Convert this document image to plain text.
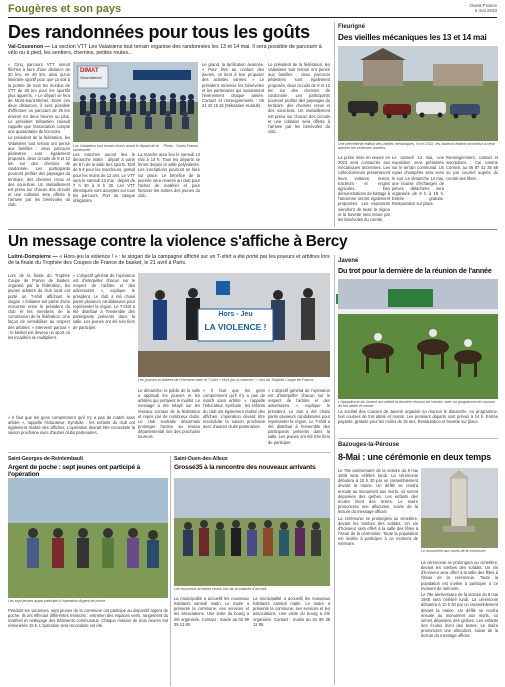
Fougères et son pays	Ouest-France
6 mai 2023
Des randonnées pour tous les goûts
Val-Couesnon — La section VTT Les Valaisiens tout terrain organise des randonnées les 13 et 14 mai. Il sera possible de parcourir à vélo ou à pied, les sentiers, chemins, petites routes...

« Cinq parcours VTT seront fléchés à faire d'une distance de 20 km, en 45 km, ainsi qu'un itinéraire sportif pour que ça soit à la portée de tous les mordus de VTT de 60 km pour les sportifs plus aguerris. » Le départ se fera de Mont-Saint-Michel. Entre ces deux distances, il sera possible d'effectuer un parcours de 35 km environ en deux heures ou plus. Le président Sébastien Hurault rappelle que l'association compte une quarantaine de licenciés.

Le président de la fédération, les Valaisiens tout terrain ont pensé aux familles : deux parcours pédestres sont également proposés, deux circuits de 8 et 12 km sur des chemins de randonnée. Les participants pourront profiter des paysages du territoire, des chemins creux et des sous-bois. Un ravitaillement est prévu sur chacun des circuits et une collation sera offerte à l'arrivée par les bénévoles du club.

DIMAT
Gesmateriel
Les Valaisiens tout terrain réunis avant le départ de la randonnée.
Photo : Ouest-France

Les marches auront lieu le dimanche matin : départ à partir de 8 h de la salle des sports. Tarif de 5 € pour les marcheurs, gratuit pour les moins de 12 ans. Le VTT sera le samedi 13 mai : départ de 7 h 30 à 9 h 30. Les VTT électriques sont acceptés sur tous les parcours. Port du casque obligatoire.

La marche aura lieu le samedi 13 mai à 14 h. Tous les départs se feront depuis la salle polyvalente. Les inscriptions pourront se faire sur place. Le bénéfice de la journée sera reversé au club pour l'achat de matériel et pour financer les sorties des jeunes du club.

Le grand, la tarification avancée. « Pour être au contact des jeunes, on tient à leur proposer des activités variées. » Le président remercie les bénévoles et les partenaires qui soutiennent l'événement chaque année. Contact et renseignements : 06 21 42 15 15 (Sébastien Hurault).

Le président de la fédération, les Valaisiens tout terrain ont pensé aux familles : deux parcours pédestres sont également proposés, deux circuits de 8 et 12 km sur des chemins de randonnée. Les participants pourront profiter des paysages du territoire, des chemins creux et des sous-bois. Un ravitaillement est prévu sur chacun des circuits et une collation sera offerte à l'arrivée par les bénévoles du club.

Fleurigné
Des vieilles mécaniques les 13 et 14 mai
Une précédente édition des vieilles mécaniques, ici en 2022, les visiteurs étaient nombreux à venir admirer les véhicules anciens.

La prime mise en œuvre en 2023 sera consacrée aux mécaniques anciennes. Les collectionneurs présenteront leurs voitures, motos, tracteurs et engins agricoles. Des démonstrations de battage à l'ancienne seront également proposées. Les exposants viendront de toute la région et la buvette sera tenue par les bénévoles du comité.

Le samedi 13 mai, une exposition sera présentée sur le terrain communal. Un repas champêtre sera servi le soir. Le dimanche 14 mai, une bourse d'échanges de pièces détachées sera organisée de 8 h à 18 h. Entrée gratuite. Restauration sur place.

Renseignement, contact et inscriptions : Cai comme Conseil, au 06 87 42 35 69 ou par courriel auprès du comité des fêtes.

Un message contre la violence s'affiche à Bercy
Luitré-Dompierre — « Hors-jeu la violence ! » : le slogan de la campagne affiché sur un T-shirt a été porté par les joueurs et arbitres lors de la finale du Trophée des Coupes de France de basket, le 21 avril à Paris.

Lors de la finale du Trophée Coupe de France de basket, organisé par la fédération, les jeunes arbitres du club local ont porté un T-shirt affichant le slogan. L'initiative est partie d'une rencontre entre le président du club et les membres de la commission de la fédération. Une façon de sensibiliser au respect des arbitres. « Intervenir partout » : le basket est devenu un sport où les incivilités se multiplient.

« L'objectif général de l'opération est d'interpeller chacun sur le respect de l'arbitre et des adversaires », explique le président. Le club a été choisi parmi plusieurs candidatures pour représenter la région. Le T-shirt a été distribué à l'ensemble des participants présents dans la salle. Les jeunes ont été très fiers de participer.

Hors - Jeu
LA VIOLENCE !
Les joueurs et arbitres de l'Hermine avec le T-shirt « Hors-jeu la violence ! » lors du Trophée Coupe de France.

Le dimanche, le public de la salle a applaudi les joueurs et les arbitres qui portaient le maillot. Le message a été relayé sur les réseaux sociaux de la fédération et repris par de nombreux clubs. Le club souhaite désormais prolonger l'action au niveau départemental lors des prochains tournois.

« Il faut que les gens comprennent qu'il n'y a pas de match sans arbitre », rappelle l'éducateur. Symbole : les enfants du club ont également réalisé des affiches. L'opération devrait être reconduite la saison prochaine avec d'autres clubs partenaires.

« L'objectif général de l'opération est d'interpeller chacun sur le respect de l'arbitre et des adversaires », explique le président. Le club a été choisi parmi plusieurs candidatures pour représenter la région. Le T-shirt a été distribué à l'ensemble des participants présents dans la salle. Les jeunes ont été très fiers de participer.

« Il faut que les gens comprennent qu'il n'y a pas de match sans arbitre », rappelle l'éducateur. Symbole : les enfants du club ont également réalisé des affiches. L'opération devrait être reconduite la saison prochaine avec d'autres clubs partenaires.

Javené
Du trot pour la dernière de la réunion de l'année
L'hippodrome de Javené accueillait la dernière réunion de l'année, avec un programme de courses de trot attelé et monté.

La société des courses de Javené organise sa réunion le dimanche. Au programme, huit courses de trot attelé et monté. Les premiers départs sont prévus à 14 h. Entrée payante, gratuite pour les moins de 16 ans. Restauration et buvette sur place.

Bazouges-la-Pérouse
8-Mai : une cérémonie en deux temps

Le 78e anniversaire de la victoire du 8 mai 1945 sera célébré lundi. La cérémonie débutera à 10 h 30 par un rassemblement devant la mairie. Un défilé se rendra ensuite au monument aux morts, où seront déposées des gerbes. Les enfants des écoles liront des textes. Le maire prononcera une allocution, suivie de la lecture du message officiel.

La cérémonie se prolongera au cimetière, devant les tombes des soldats. Un vin d'honneur sera offert à la salle des fêtes à l'issue de la cérémonie. Toute la population est invitée à participer à ce moment de mémoire.

Le monument aux morts de la commune.

La cérémonie se prolongera au cimetière, devant les tombes des soldats. Un vin d'honneur sera offert à la salle des fêtes à l'issue de la cérémonie. Toute la population est invitée à participer à ce moment de mémoire.

Le 78e anniversaire de la victoire du 8 mai 1945 sera célébré lundi. La cérémonie débutera à 10 h 30 par un rassemblement devant la mairie. Un défilé se rendra ensuite au monument aux morts, où seront déposées des gerbes. Les enfants des écoles liront des textes. Le maire prononcera une allocution, suivie de la lecture du message officiel.

Saint-Georges-de-Reintembault
Argent de poche : sept jeunes ont participé à l'opération
Les sept jeunes ayant participé à l'opération Argent de poche.

Pendant les vacances, sept jeunes de la commune ont participé au dispositif argent de poche. Ils ont effectué différentes missions : entretien des espaces verts, rangement du matériel et nettoyage des bâtiments communaux. Chaque mission de trois heures est rémunérée 15 €. L'opération sera reconduite cet été.

Saint-Ouen-des-Alleux
Grossé35 à la rencontre des nouveaux arrivants
Les nouveaux arrivants réunis lors de la matinée d'accueil.

La municipalité a accueilli les nouveaux habitants samedi matin. Le maire a présenté la commune, ses services et les associations. Une visite du bourg a été organisée. Contact : mairie au 02 99 39 12 85.

La municipalité a accueilli les nouveaux habitants samedi matin. Le maire a présenté la commune, ses services et les associations. Une visite du bourg a été organisée. Contact : mairie au 02 99 39 12 85.
